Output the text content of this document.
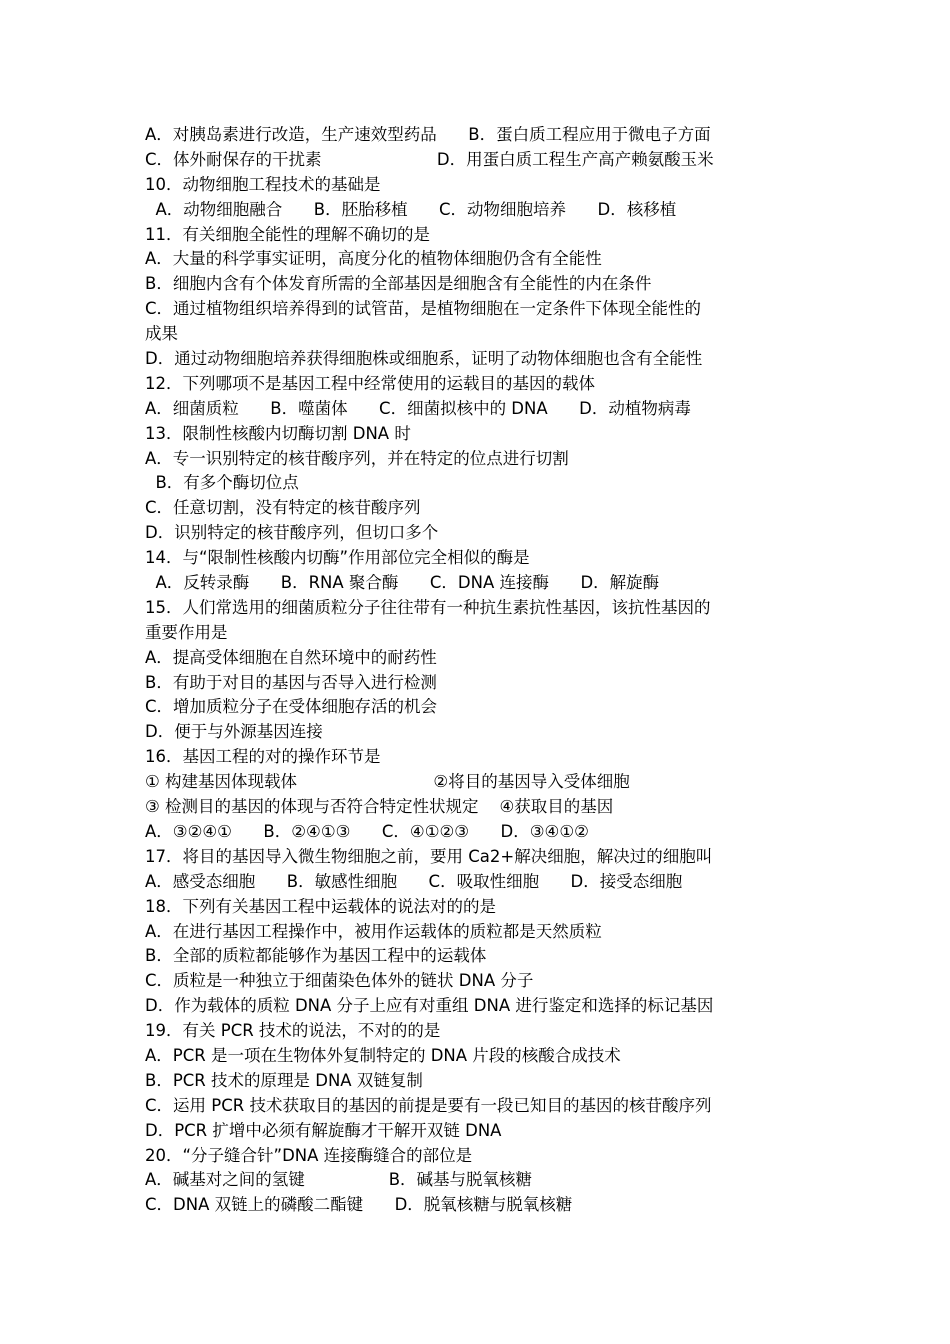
A．对胰岛素进行改造，生产速效型药品      B．蛋白质工程应用于微电子方面
C．体外耐保存的干扰素                      D．用蛋白质工程生产高产赖氨酸玉米
10．动物细胞工程技术的基础是
A．动物细胞融合      B．胚胎移植      C．动物细胞培养      D．核移植
11．有关细胞全能性的理解不确切的是
A．大量的科学事实证明，高度分化的植物体细胞仍含有全能性
B．细胞内含有个体发育所需的全部基因是细胞含有全能性的内在条件
C．通过植物组织培养得到的试管苗，是植物细胞在一定条件下体现全能性的
成果
D．通过动物细胞培养获得细胞株或细胞系，证明了动物体细胞也含有全能性
12．下列哪项不是基因工程中经常使用的运载目的基因的载体
A．细菌质粒      B．噬菌体      C．细菌拟核中的 DNA      D．动植物病毒
13．限制性核酸内切酶切割 DNA 时
A．专一识别特定的核苷酸序列，并在特定的位点进行切割
B．有多个酶切位点
C．任意切割，没有特定的核苷酸序列
D．识别特定的核苷酸序列，但切口多个
14．与“限制性核酸内切酶”作用部位完全相似的酶是
A．反转录酶      B．RNA 聚合酶      C．DNA 连接酶      D．解旋酶
15．人们常选用的细菌质粒分子往往带有一种抗生素抗性基因，该抗性基因的
重要作用是
A．提高受体细胞在自然环境中的耐药性
B．有助于对目的基因与否导入进行检测
C．增加质粒分子在受体细胞存活的机会
D．便于与外源基因连接
16．基因工程的对的操作环节是
① 构建基因体现载体                          ②将目的基因导入受体细胞
③ 检测目的基因的体现与否符合特定性状规定    ④获取目的基因
A．③②④①      B．②④①③      C．④①②③      D．③④①②
17．将目的基因导入微生物细胞之前，要用 Ca2+解决细胞，解决过的细胞叫
A．感受态细胞      B．敏感性细胞      C．吸取性细胞      D．接受态细胞
18．下列有关基因工程中运载体的说法对的的是
A．在进行基因工程操作中，被用作运载体的质粒都是天然质粒
B．全部的质粒都能够作为基因工程中的运载体
C．质粒是一种独立于细菌染色体外的链状 DNA 分子
D．作为载体的质粒 DNA 分子上应有对重组 DNA 进行鉴定和选择的标记基因
19．有关 PCR 技术的说法，不对的的是
A．PCR 是一项在生物体外复制特定的 DNA 片段的核酸合成技术
B．PCR 技术的原理是 DNA 双链复制
C．运用 PCR 技术获取目的基因的前提是要有一段已知目的基因的核苷酸序列
D．PCR 扩增中必须有解旋酶才干解开双链 DNA
20．“分子缝合针”DNA 连接酶缝合的部位是
A．碱基对之间的氢键                B．碱基与脱氧核糖
C．DNA 双链上的磷酸二酯键      D．脱氧核糖与脱氧核糖
